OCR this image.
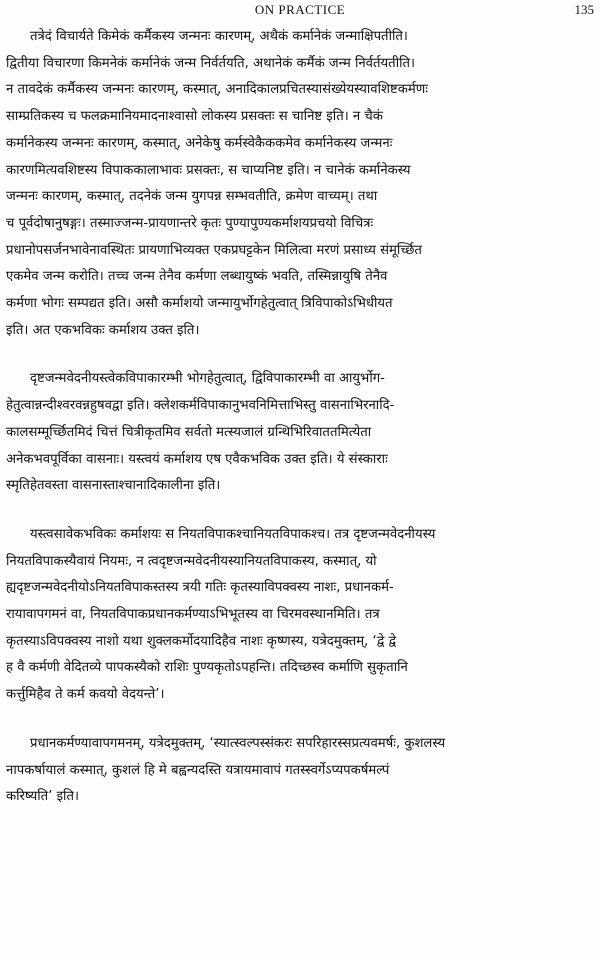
ON PRACTICE	135
तत्रेदं विचार्यते किमेकं कर्मैकस्य जन्मनः कारणम्, अथैकं कर्मानेकं जन्माक्षिपतीति।
द्वितीया विचारणा किमनेकं कर्मानेकं जन्म निर्वर्तयति, अथानेकं कर्मैकं जन्म निर्वर्तयतीति।
न तावदेकं कर्मैकस्य जन्मनः कारणम्, कस्मात्, अनादिकालप्रचितस्यासंख्येयस्यावशिष्टकर्मणः
साम्प्रतिकस्य च फलक्रमानियमादनाश्वासो लोकस्य प्रसक्तः स चानिष्ट इति। न चैकं
कर्मानेकस्य जन्मनः कारणम्, कस्मात्, अनेकेषु कर्मस्वेकैककमेव कर्मानेकस्य जन्मनः
कारणमित्यवशिष्टस्य विपाककालाभावः प्रसक्तः, स चाप्यनिष्ट इति। न चानेकं कर्मानेकस्य
जन्मनः कारणम्, कस्मात्, तदनेकं जन्म युगपन्न सम्भवतीति, क्रमेण वाच्यम्। तथा
च पूर्वदोषानुषङ्गः। तस्माज्जन्म-प्रायणान्तरे कृतः पुण्यापुण्यकर्माशयप्रचयो विचित्रः
प्रधानोपसर्जनभावेनावस्थितः प्रायणाभिव्यक्त एकप्रघट्टकेन मिलित्वा मरणं प्रसाध्य संमूर्च्छित
एकमेव जन्म करोति। तच्च जन्म तेनैव कर्मणा लब्धायुष्कं भवति, तस्मिन्नायुषि तेनैव
कर्मणा भोगः सम्पद्यत इति। असौ कर्माशयो जन्मायुर्भोगहेतुत्वात् त्रिविपाकोऽभिधीयत
इति। अत एकभविकः कर्माशय उक्त इति।
दृष्टजन्मवेदनीयस्त्वेकविपाकारम्भी भोगहेतुत्वात्, द्विविपाकारम्भी वा आयुर्भोग-
हेतुत्वान्नन्दीश्वरवन्नहुषवद्वा इति। क्लेशकर्मविपाकानुभवनिमित्ताभिस्तु वासनाभिरनादि-
कालसम्मूर्च्छितमिदं चित्तं चित्रीकृतमिव सर्वतो मत्स्यजालं ग्रन्थिभिरिवाततमित्येता
अनेकभवपूर्विका वासनाः। यस्त्वयं कर्माशय एष एवैकभविक उक्त इति। ये संस्काराः
स्मृतिहेतवस्ता वासनास्ताश्चानादिकालीना इति।
यस्त्वसावेकभविकः कर्माशयः स नियतविपाकश्चानियतविपाकश्च। तत्र दृष्टजन्मवेदनीयस्य
नियतविपाकस्यैवायं नियमः, न त्वदृष्टजन्मवेदनीयस्यानियतविपाकस्य, कस्मात्, यो
ह्यदृष्टजन्मवेदनीयोऽनियतविपाकस्तस्य त्रयी गतिः कृतस्याविपक्वस्य नाशः, प्रधानकर्म-
रायावापगमनं वा, नियतविपाकप्रधानकर्मण्याऽभिभूतस्य वा चिरमवस्थानमिति। तत्र
कृतस्याऽविपक्वस्य नाशो यथा शुक्लकर्मोदयादिहैव नाशः कृष्णस्य, यत्रेदमुक्तम्, ‘द्वे द्वे
ह वै कर्मणी वेदितव्ये पापकस्यैको राशिः पुण्यकृतोऽपहन्ति। तदिच्छस्व कर्माणि सुकृतानि
कर्त्तुमिहैव ते कर्म कवयो वेदयन्ते’।
प्रधानकर्मण्यावापगमनम्, यत्रेदमुक्तम्, ‘स्यात्स्वल्पस्संकरः सपरिहारस्सप्रत्यवमर्षः, कुशलस्य
नापकर्षायालं कस्मात्, कुशलं हि मे बह्वन्यदस्ति यत्रायमावापं गतस्स्वर्गेऽप्यपकर्षमल्पं
करिष्यति’ इति।
